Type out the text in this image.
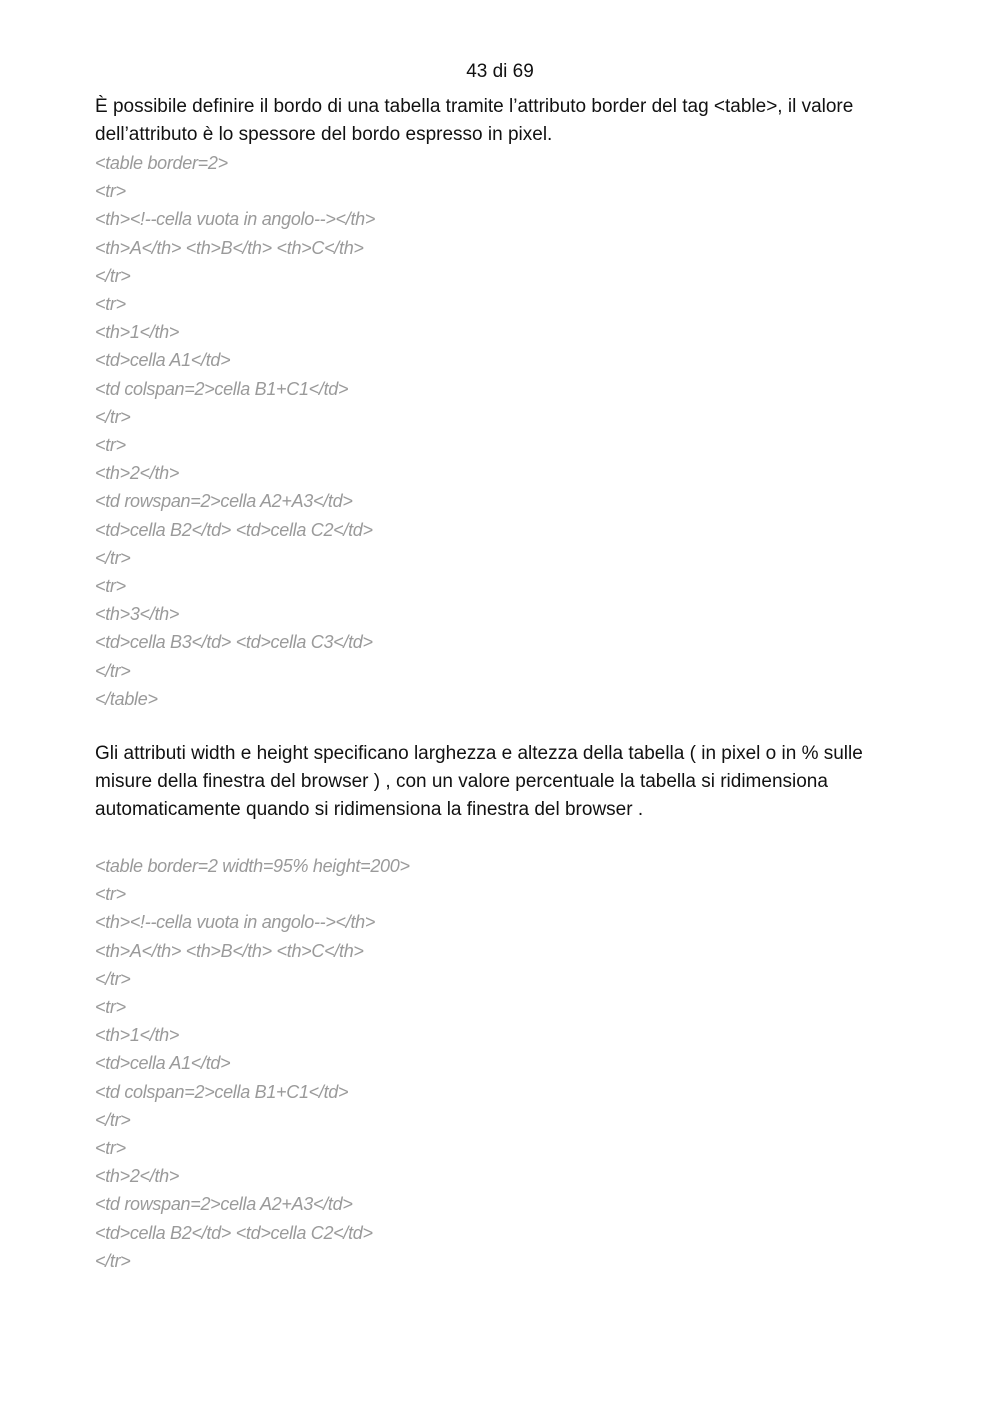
43 di 69

È possibile definire il bordo di una tabella tramite l’attributo border del tag <table>, il valore dell’attributo è lo spessore del bordo espresso in pixel.

<table border=2>
<tr>
<th><!--cella vuota in angolo--></th>
<th>A</th> <th>B</th> <th>C</th>
</tr>
<tr>
<th>1</th>
<td>cella A1</td>
<td colspan=2>cella B1+C1</td>
</tr>
<tr>
<th>2</th>
<td rowspan=2>cella A2+A3</td>
<td>cella B2</td> <td>cella C2</td>
</tr>
<tr>
<th>3</th>
<td>cella B3</td> <td>cella C3</td>
</tr>
</table>

Gli attributi width e height specificano larghezza e altezza della tabella ( in pixel o in % sulle misure della finestra del browser ) , con un valore percentuale la tabella si ridimensiona automaticamente quando si ridimensiona la finestra del browser .

<table border=2 width=95% height=200>
<tr>
<th><!--cella vuota in angolo--></th>
<th>A</th> <th>B</th> <th>C</th>
</tr>
<tr>
<th>1</th>
<td>cella A1</td>
<td colspan=2>cella B1+C1</td>
</tr>
<tr>
<th>2</th>
<td rowspan=2>cella A2+A3</td>
<td>cella B2</td> <td>cella C2</td>
</tr>
